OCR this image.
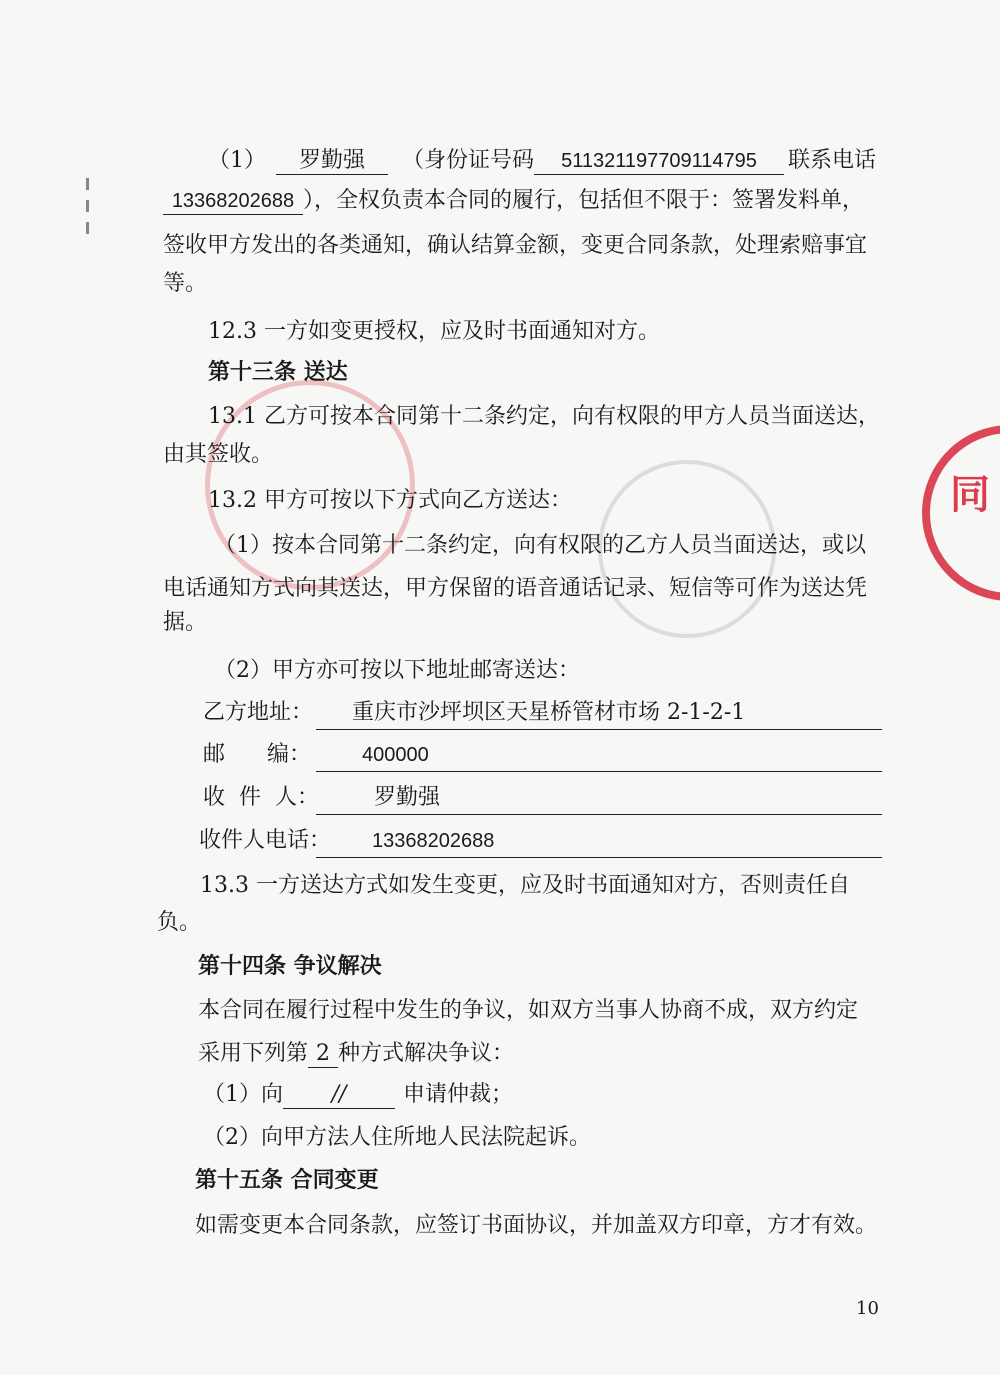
同
（1） 罗勤强 （身份证号码 511321197709114795 联系电话
13368202688 ），全权负责本合同的履行，包括但不限于：签署发料单，
签收甲方发出的各类通知，确认结算金额，变更合同条款，处理索赔事宜
等。
12.3 一方如变更授权，应及时书面通知对方。
第十三条 送达
13.1 乙方可按本合同第十二条约定，向有权限的甲方人员当面送达，
由其签收。
13.2 甲方可按以下方式向乙方送达：
（1）按本合同第十二条约定，向有权限的乙方人员当面送达，或以
电话通知方式向其送达，甲方保留的语音通话记录、短信等可作为送达凭
据。
（2）甲方亦可按以下地址邮寄送达：
乙方地址：	重庆市沙坪坝区天星桥管材市场 2-1-2-1
邮      编：	400000
收  件  人：	罗勤强
收件人电话：	13368202688
13.3 一方送达方式如发生变更，应及时书面通知对方，否则责任自
负。
第十四条 争议解决
本合同在履行过程中发生的争议，如双方当事人协商不成，双方约定
采用下列第 2 种方式解决争议：
（1）向 //	申请仲裁；
（2）向甲方法人住所地人民法院起诉。
第十五条 合同变更
如需变更本合同条款，应签订书面协议，并加盖双方印章，方才有效。
10
